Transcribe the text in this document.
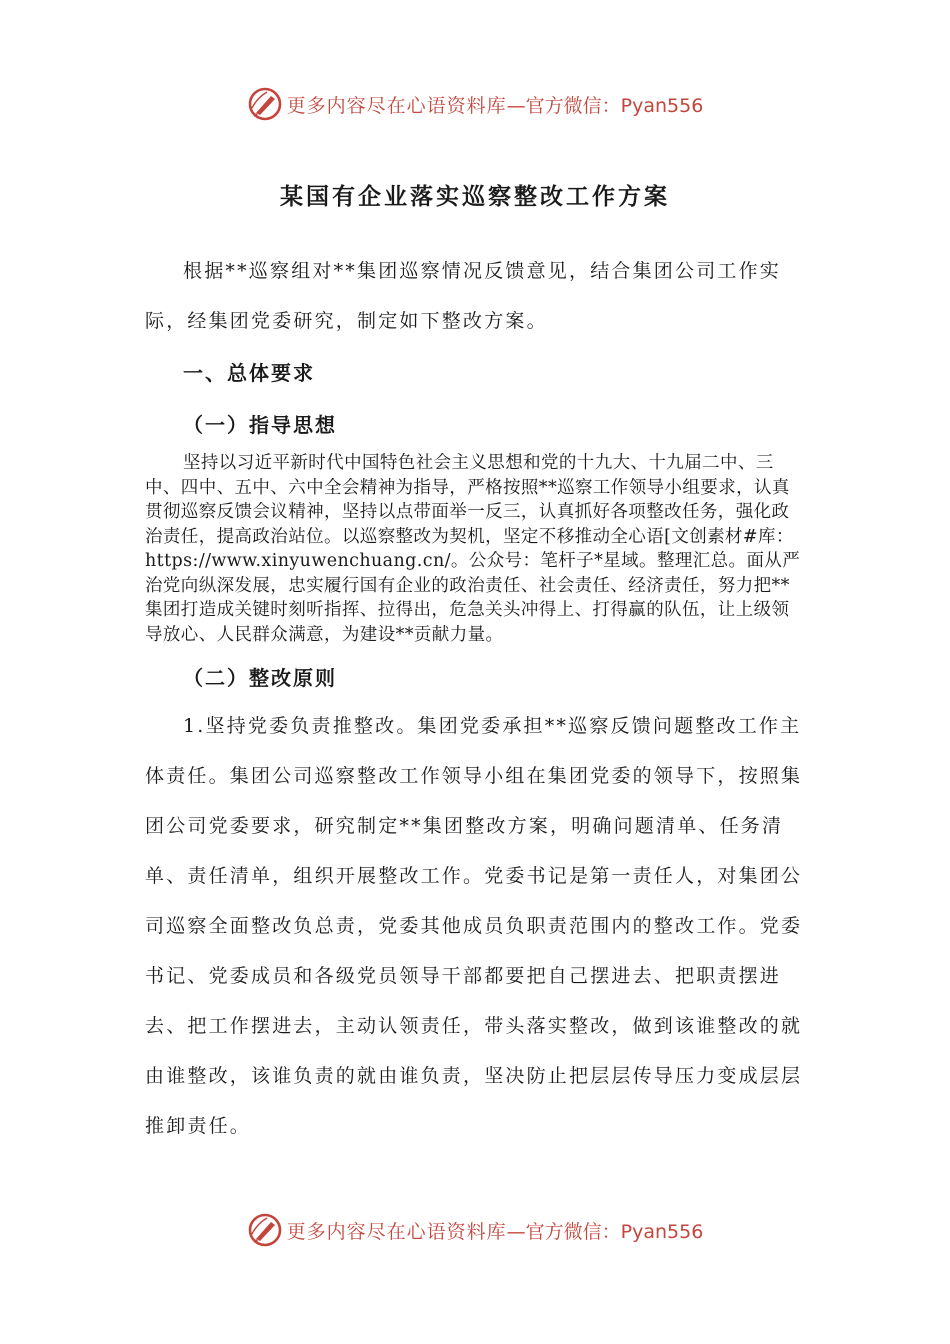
更多内容尽在心语资料库 —官方微信：Pyan556
某国有企业落实巡察整改工作方案
根据**巡察组对**集团巡察情况反馈意见，结合集团公司工作实际，经集团党委研究，制定如下整改方案。
一、总体要求
（一）指导思想
坚持以习近平新时代中国特色社会主义思想和党的十九大、十九届二中、三中、四中、五中、六中全会精神为指导，严格按照**巡察工作领导小组要求，认真贯彻巡察反馈会议精神，坚持以点带面举一反三，认真抓好各项整改任务，强化政治责任，提高政治站位。以巡察整改为契机，坚定不移推动全心语[文创素材#库：https://www.xinyuwenchuang.cn/。公众号：笔杆子*星域。整理汇总。面从严治党向纵深发展，忠实履行国有企业的政治责任、社会责任、经济责任，努力把**集团打造成关键时刻听指挥、拉得出，危急关头冲得上、打得赢的队伍，让上级领导放心、人民群众满意，为建设**贡献力量。
（二）整改原则
1.坚持党委负责推整改。集团党委承担**巡察反馈问题整改工作主体责任。集团公司巡察整改工作领导小组在集团党委的领导下，按照集团公司党委要求，研究制定**集团整改方案，明确问题清单、任务清单、责任清单，组织开展整改工作。党委书记是第一责任人，对集团公司巡察全面整改负总责，党委其他成员负职责范围内的整改工作。党委书记、党委成员和各级党员领导干部都要把自己摆进去、把职责摆进去、把工作摆进去，主动认领责任，带头落实整改，做到该谁整改的就由谁整改，该谁负责的就由谁负责，坚决防止把层层传导压力变成层层推卸责任。
更多内容尽在心语资料库 —官方微信：Pyan556
